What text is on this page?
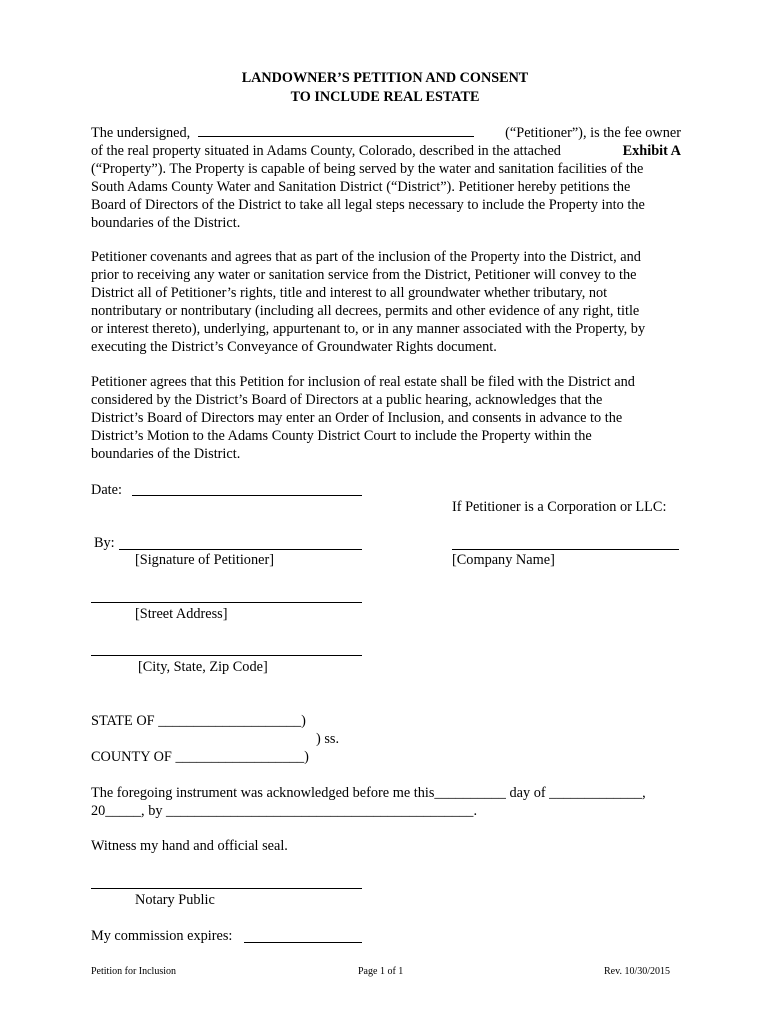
LANDOWNER’S PETITION AND CONSENT
TO INCLUDE REAL ESTATE
The undersigned,	(“Petitioner”), is the fee owner
of the real property situated in Adams County, Colorado, described in the attached	Exhibit A
(“Property”). The Property is capable of being served by the water and sanitation facilities of the
South Adams County Water and Sanitation District (“District”). Petitioner hereby petitions the
Board of Directors of the District to take all legal steps necessary to include the Property into the
boundaries of the District.
Petitioner covenants and agrees that as part of the inclusion of the Property into the District, and
prior to receiving any water or sanitation service from the District, Petitioner will convey to the
District all of Petitioner’s rights, title and interest to all groundwater whether tributary, not
nontributary or nontributary (including all decrees, permits and other evidence of any right, title
or interest thereto), underlying, appurtenant to, or in any manner associated with the Property, by
executing the District’s Conveyance of Groundwater Rights document.
Petitioner agrees that this Petition for inclusion of real estate shall be filed with the District and
considered by the District’s Board of Directors at a public hearing, acknowledges that the
District’s Board of Directors may enter an Order of Inclusion, and consents in advance to the
District’s Motion to the Adams County District Court to include the Property within the
boundaries of the District.
Date:
If Petitioner is a Corporation or LLC:
By:
[Signature of Petitioner]	[Company Name]
[Street Address]
[City, State, Zip Code]
STATE OF ____________________)
) ss.
COUNTY OF __________________)
The foregoing instrument was acknowledged before me this__________ day of _____________,
20_____, by ___________________________________________.
Witness my hand and official seal.
Notary Public
My commission expires:
Petition for Inclusion	Page 1 of 1	Rev. 10/30/2015
